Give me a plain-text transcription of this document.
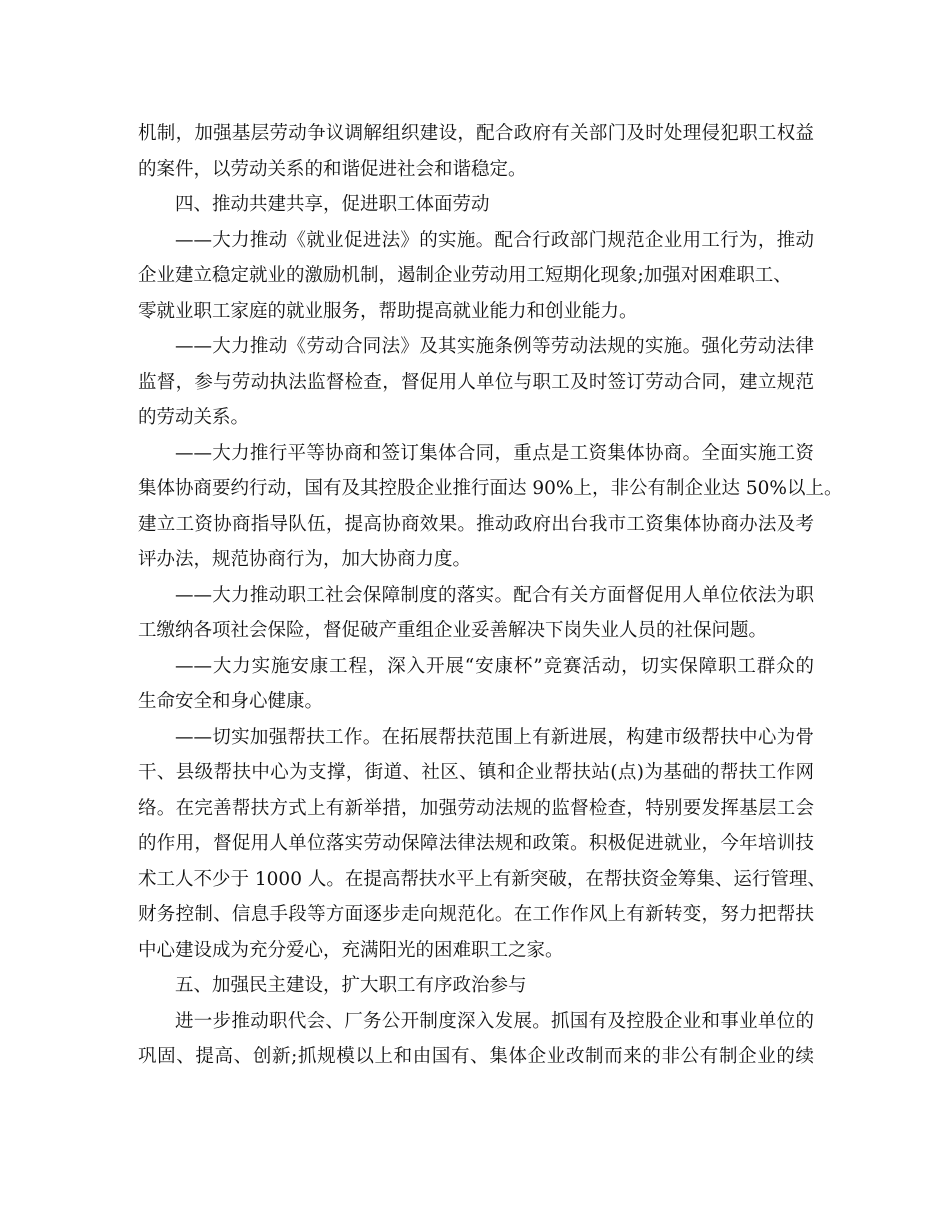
机制，加强基层劳动争议调解组织建设，配合政府有关部门及时处理侵犯职工权益
的案件，以劳动关系的和谐促进社会和谐稳定。
四、推动共建共享，促进职工体面劳动
——大力推动《就业促进法》的实施。配合行政部门规范企业用工行为，推动
企业建立稳定就业的激励机制，遏制企业劳动用工短期化现象;加强对困难职工、
零就业职工家庭的就业服务，帮助提高就业能力和创业能力。
——大力推动《劳动合同法》及其实施条例等劳动法规的实施。强化劳动法律
监督，参与劳动执法监督检查，督促用人单位与职工及时签订劳动合同，建立规范
的劳动关系。
——大力推行平等协商和签订集体合同，重点是工资集体协商。全面实施工资
集体协商要约行动，国有及其控股企业推行面达 90%上，非公有制企业达 50%以上。
建立工资协商指导队伍，提高协商效果。推动政府出台我市工资集体协商办法及考
评办法，规范协商行为，加大协商力度。
——大力推动职工社会保障制度的落实。配合有关方面督促用人单位依法为职
工缴纳各项社会保险，督促破产重组企业妥善解决下岗失业人员的社保问题。
——大力实施安康工程，深入开展“安康杯”竞赛活动，切实保障职工群众的
生命安全和身心健康。
——切实加强帮扶工作。在拓展帮扶范围上有新进展，构建市级帮扶中心为骨
干、县级帮扶中心为支撑，街道、社区、镇和企业帮扶站(点)为基础的帮扶工作网
络。在完善帮扶方式上有新举措，加强劳动法规的监督检查，特别要发挥基层工会
的作用，督促用人单位落实劳动保障法律法规和政策。积极促进就业，今年培训技
术工人不少于 1000 人。在提高帮扶水平上有新突破，在帮扶资金筹集、运行管理、
财务控制、信息手段等方面逐步走向规范化。在工作作风上有新转变，努力把帮扶
中心建设成为充分爱心，充满阳光的困难职工之家。
五、加强民主建设，扩大职工有序政治参与
进一步推动职代会、厂务公开制度深入发展。抓国有及控股企业和事业单位的
巩固、提高、创新;抓规模以上和由国有、集体企业改制而来的非公有制企业的续
